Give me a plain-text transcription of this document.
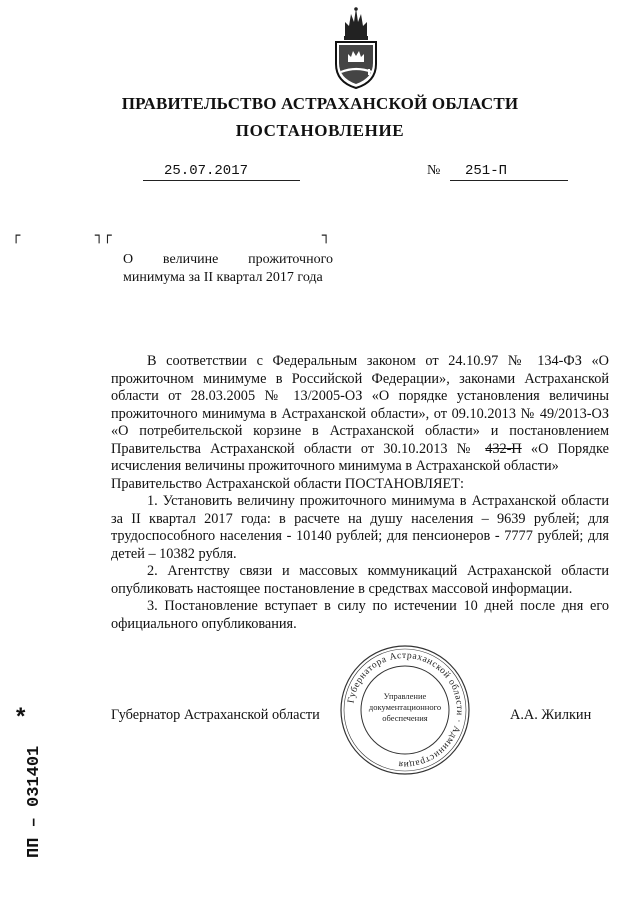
ПРАВИТЕЛЬСТВО АСТРАХАНСКОЙ ОБЛАСТИ
ПОСТАНОВЛЕНИЕ
25.07.2017	№ 251-П
┌	┐┌	┐
О величине прожиточного минимума за II квартал 2017 года

В соответствии с Федеральным законом от 24.10.97 № 134-ФЗ «О прожиточном минимуме в Российской Федерации», законами Астраханской области от 28.03.2005 № 13/2005-ОЗ «О порядке установления величины прожиточного минимума в Астраханской области», от 09.10.2013 № 49/2013-ОЗ «О потребительской корзине в Астраханской области» и постановлением Правительства Астраханской области от 30.10.2013 № 432-П «О Порядке исчисления величины прожиточного минимума в Астраханской области»

Правительство Астраханской области ПОСТАНОВЛЯЕТ:

1. Установить величину прожиточного минимума в Астраханской области за II квартал 2017 года: в расчете на душу населения – 9639 рублей; для трудоспособного населения - 10140 рублей; для пенсионеров - 7777 рублей; для детей – 10382 рубля.

2. Агентству связи и массовых коммуникаций Астраханской области опубликовать настоящее постановление в средствах массовой информации.

3. Постановление вступает в силу по истечении 10 дней после дня его официального опубликования.

Губернатор Астраханской области	А.А. Жилкин
Губернатора Астраханской области · Администрация
Управление
документационного
обеспечения
ПП – 031401
*
